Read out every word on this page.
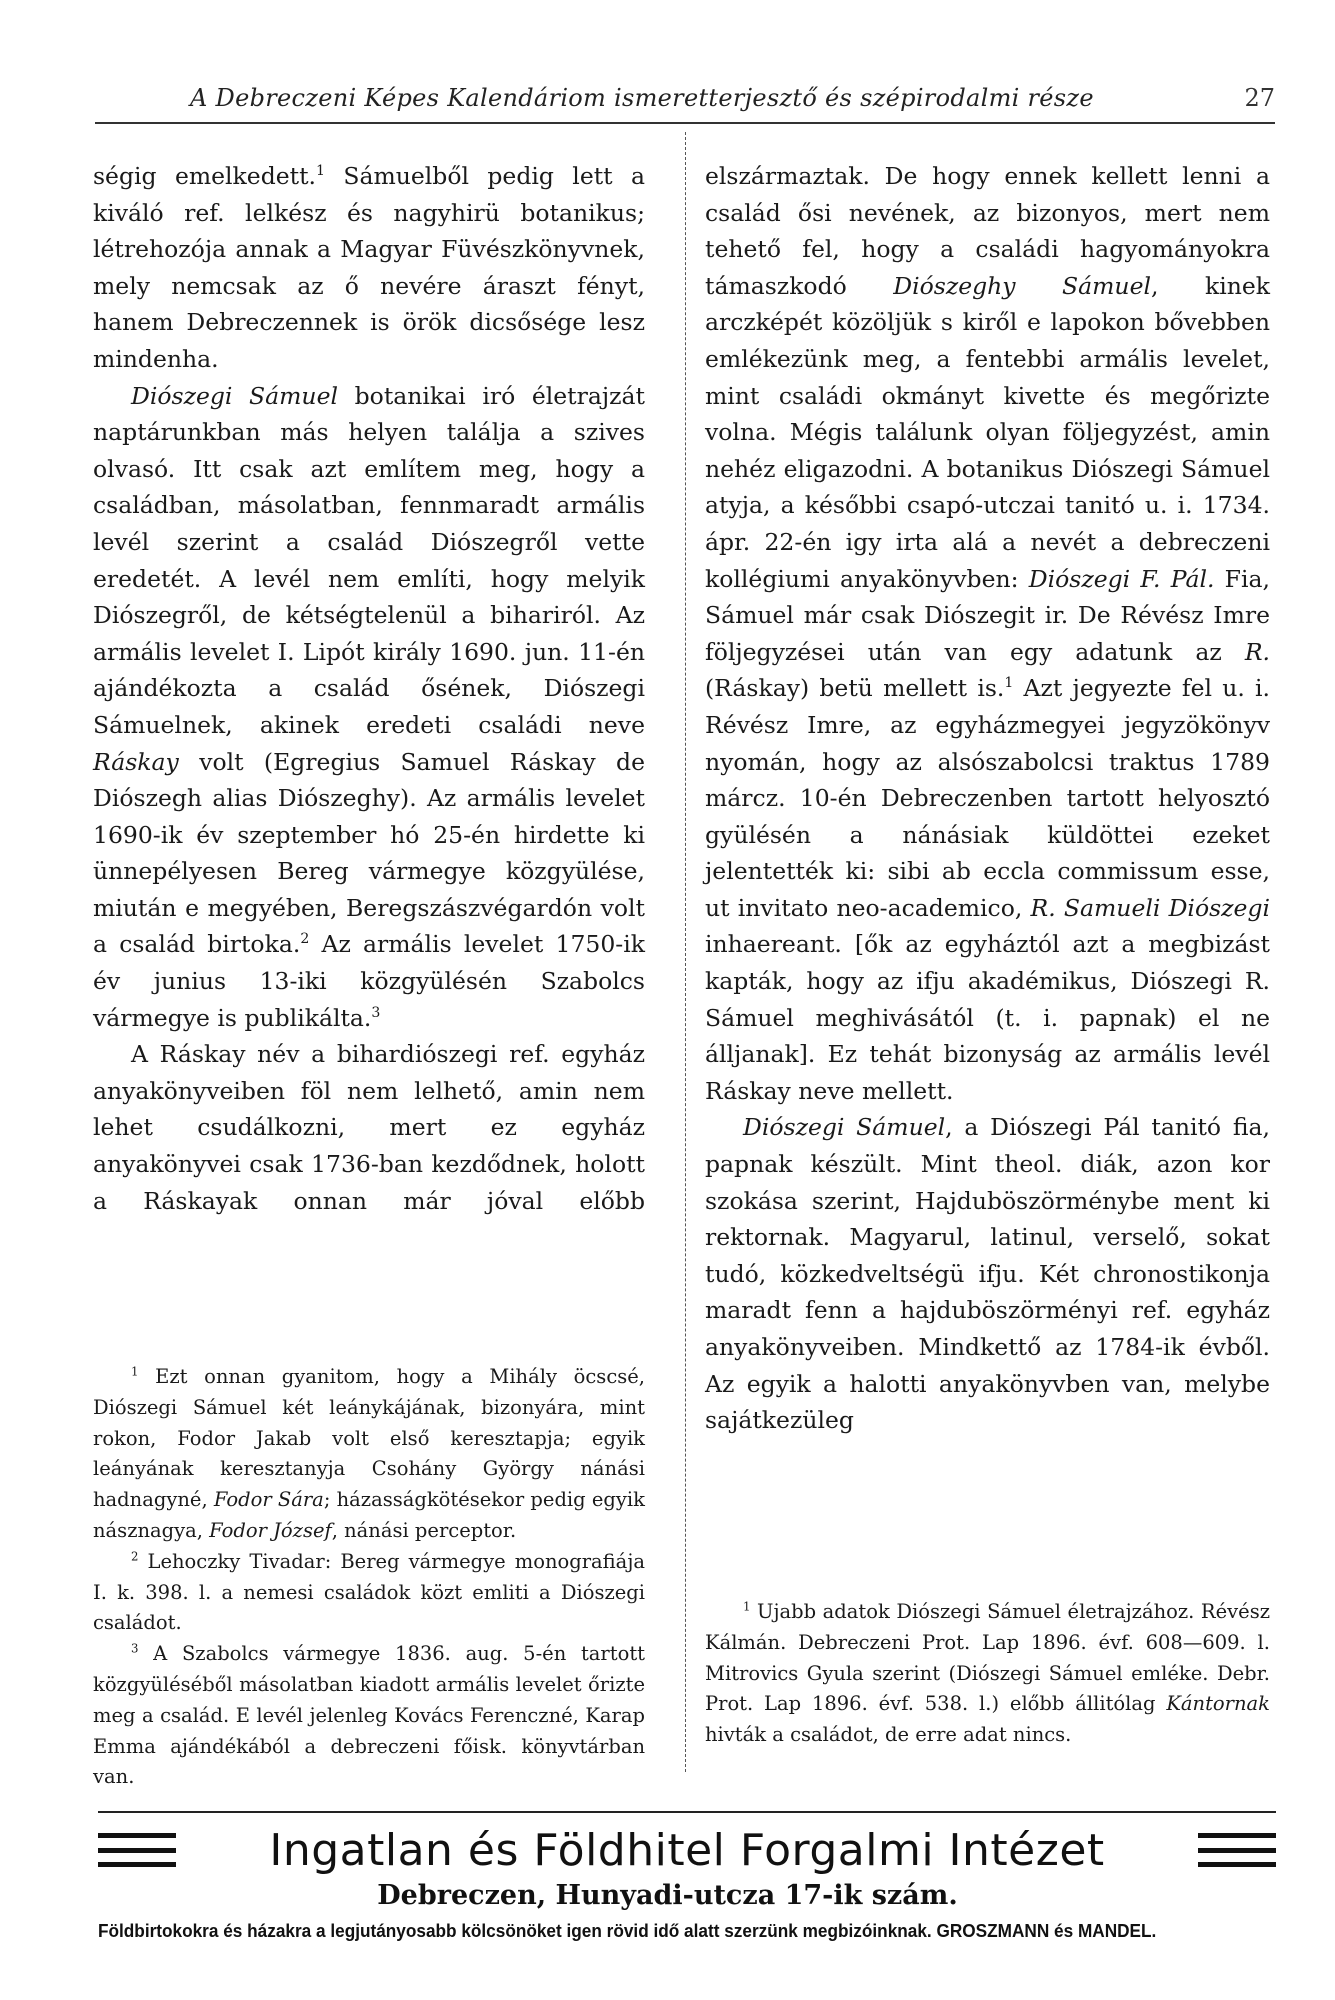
A Debreczeni Képes Kalendáriom ismeretterjesztő és szépirodalmi része	27

ségig emelkedett.$^1$ Sámuelből pedig lett a kiváló ref. lelkész és nagyhirü botanikus; létrehozója annak a Magyar Füvészkönyvnek, mely nemcsak az ő nevére áraszt fényt, hanem Debreczennek is örök dicsősége lesz mindenha.

Diószegi Sámuel botanikai iró életrajzát naptárunkban más helyen találja a szives olvasó. Itt csak azt említem meg, hogy a családban, másolatban, fennmaradt armális levél szerint a család Diószegről vette eredetét. A levél nem említi, hogy melyik Diószegről, de kétségtelenül a bihariról. Az armális levelet I. Lipót király 1690. jun. 11-én ajándékozta a család ősének, Diószegi Sámuelnek, akinek eredeti családi neve Ráskay volt (Egregius Samuel Ráskay de Diószegh alias Diószeghy). Az armális levelet 1690-ik év szeptember hó 25-én hirdette ki ünnepélyesen Bereg vármegye közgyülése, miután e megyében, Beregszászvégardón volt a család birtoka.$^2$ Az armális levelet 1750-ik év junius 13-iki közgyülésén Szabolcs vármegye is publikálta.$^3$

A Ráskay név a bihardiószegi ref. egyház anyakönyveiben föl nem lelhető, amin nem lehet csudálkozni, mert ez egyház anyakönyvei csak 1736-ban kezdődnek, holott a Ráskayak onnan már jóval előbb

$^1$ Ezt onnan gyanitom, hogy a Mihály öcscsé, Diószegi Sámuel két leánykájának, bizonyára, mint rokon, Fodor Jakab volt első keresztapja; egyik leányának keresztanyja Csohány György nánási hadnagyné, Fodor Sára; házasságkötésekor pedig egyik násznagya, Fodor József, nánási perceptor.

$^2$ Lehoczky Tivadar: Bereg vármegye monografiája I. k. 398. l. a nemesi családok közt emliti a Diószegi családot.

$^3$ A Szabolcs vármegye 1836. aug. 5-én tartott közgyüléséből másolatban kiadott armális levelet őrizte meg a család. E levél jelenleg Kovács Ferenczné, Karap Emma ajándékából a debreczeni főisk. könyvtárban van.

elszármaztak. De hogy ennek kellett lenni a család ősi nevének, az bizonyos, mert nem tehető fel, hogy a családi hagyományokra támaszkodó Diószeghy Sámuel, kinek arczképét közöljük s kiről e lapokon bővebben emlékezünk meg, a fentebbi armális levelet, mint családi okmányt kivette és megőrizte volna. Mégis találunk olyan följegyzést, amin nehéz eligazodni. A botanikus Diószegi Sámuel atyja, a későbbi csapó-utczai tanitó u. i. 1734. ápr. 22-én igy irta alá a nevét a debreczeni kollégiumi anyakönyvben: Diószegi F. Pál. Fia, Sámuel már csak Diószegit ir. De Révész Imre följegyzései után van egy adatunk az R. (Ráskay) betü mellett is.$^1$ Azt jegyezte fel u. i. Révész Imre, az egyházmegyei jegyzökönyv nyomán, hogy az alsószabolcsi traktus 1789 márcz. 10-én Debreczenben tartott helyosztó gyülésén a nánásiak küldöttei ezeket jelentették ki: sibi ab eccla commissum esse, ut invitato neo-academico, R. Samueli Diószegi inhaereant. [ők az egyháztól azt a megbizást kapták, hogy az ifju akadémikus, Diószegi R. Sámuel meghivásától (t. i. papnak) el ne álljanak]. Ez tehát bizonyság az armális levél Ráskay neve mellett.

Diószegi Sámuel, a Diószegi Pál tanitó fia, papnak készült. Mint theol. diák, azon kor szokása szerint, Hajduböszörménybe ment ki rektornak. Magyarul, latinul, verselő, sokat tudó, közkedveltségü ifju. Két chronostikonja maradt fenn a hajduböszörményi ref. egyház anyakönyveiben. Mindkettő az 1784-ik évből. Az egyik a halotti anyakönyvben van, melybe sajátkezüleg

$^1$ Ujabb adatok Diószegi Sámuel életrajzához. Révész Kálmán. Debreczeni Prot. Lap 1896. évf. 608—609. l. Mitrovics Gyula szerint (Diószegi Sámuel emléke. Debr. Prot. Lap 1896. évf. 538. l.) előbb állitólag Kántornak hivták a családot, de erre adat nincs.

Ingatlan és Földhitel Forgalmi Intézet
Debreczen, Hunyadi-utcza 17-ik szám.
Földbirtokokra és házakra a legjutányosabb kölcsönöket igen rövid idő alatt szerzünk megbizóinknak. GROSZMANN és MANDEL.
